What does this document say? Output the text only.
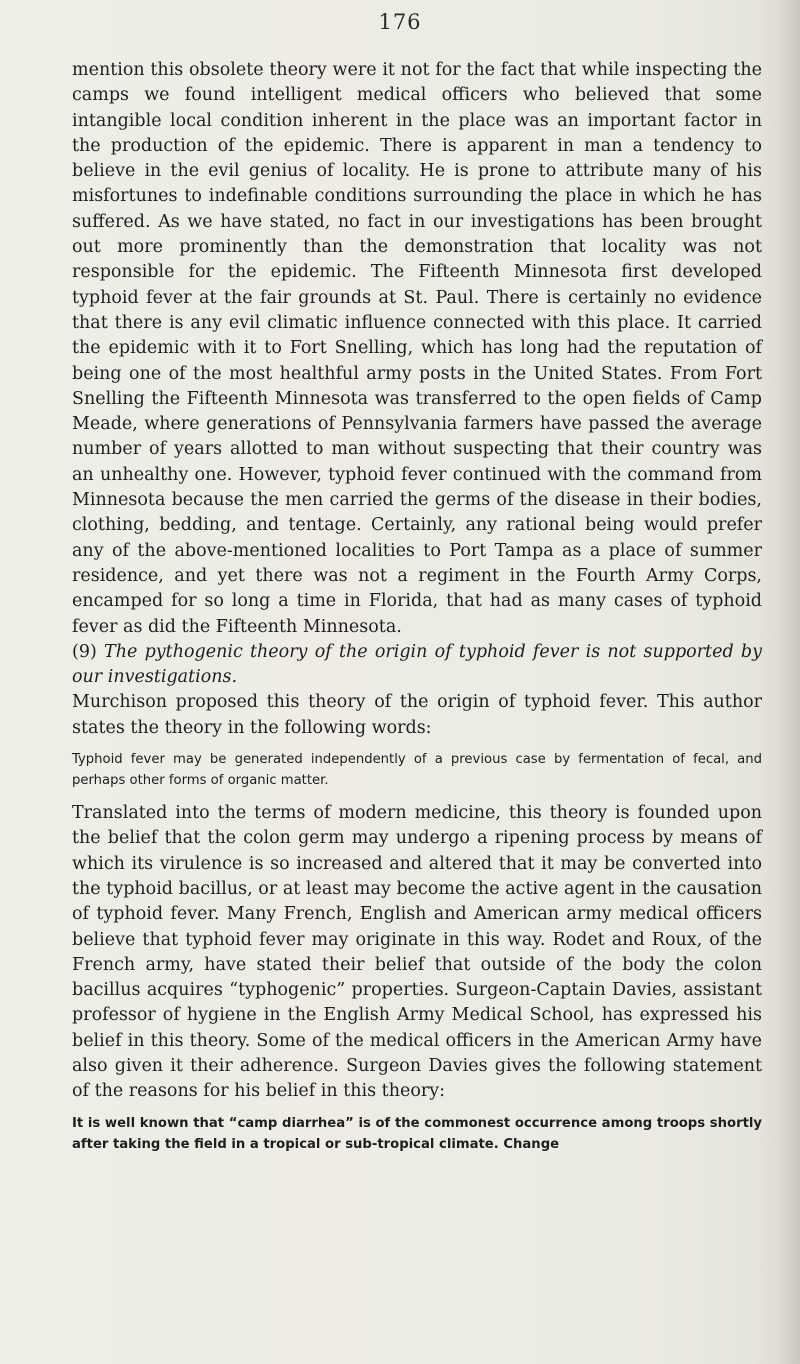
176

mention this obsolete theory were it not for the fact that while inspecting the camps we found intelligent medical officers who believed that some intangible local condition inherent in the place was an important factor in the production of the epidemic. There is apparent in man a tendency to believe in the evil genius of locality. He is prone to attribute many of his misfortunes to indefinable conditions surrounding the place in which he has suffered. As we have stated, no fact in our investigations has been brought out more prominently than the demonstration that locality was not responsible for the epidemic. The Fifteenth Minnesota first developed typhoid fever at the fair grounds at St. Paul. There is certainly no evidence that there is any evil climatic influence connected with this place. It carried the epidemic with it to Fort Snelling, which has long had the reputation of being one of the most healthful army posts in the United States. From Fort Snelling the Fifteenth Minnesota was transferred to the open fields of Camp Meade, where generations of Pennsylvania farmers have passed the average number of years allotted to man without suspecting that their country was an unhealthy one. However, typhoid fever continued with the command from Minnesota because the men carried the germs of the disease in their bodies, clothing, bedding, and tentage. Certainly, any rational being would prefer any of the above-mentioned localities to Port Tampa as a place of summer residence, and yet there was not a regiment in the Fourth Army Corps, encamped for so long a time in Florida, that had as many cases of typhoid fever as did the Fifteenth Minnesota.

(9) The pythogenic theory of the origin of typhoid fever is not supported by our investigations.

Murchison proposed this theory of the origin of typhoid fever. This author states the theory in the following words:

Typhoid fever may be generated independently of a previous case by fermentation of fecal, and perhaps other forms of organic matter.

Translated into the terms of modern medicine, this theory is founded upon the belief that the colon germ may undergo a ripening process by means of which its virulence is so increased and altered that it may be converted into the typhoid bacillus, or at least may become the active agent in the causation of typhoid fever. Many French, English and American army medical officers believe that typhoid fever may originate in this way. Rodet and Roux, of the French army, have stated their belief that outside of the body the colon bacillus acquires “typhogenic” properties. Surgeon-Captain Davies, assistant professor of hygiene in the English Army Medical School, has expressed his belief in this theory. Some of the medical officers in the American Army have also given it their adherence. Surgeon Davies gives the following statement of the reasons for his belief in this theory:

It is well known that “camp diarrhea” is of the commonest occurrence among troops shortly after taking the field in a tropical or sub-tropical climate. Change
